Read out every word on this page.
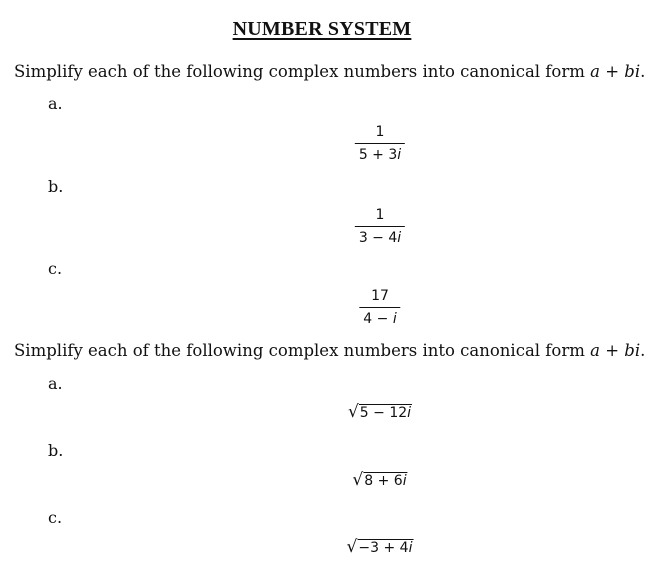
NUMBER SYSTEM
Simplify each of the following complex numbers into canonical form a + bi.
a.
1
5 + 3i
b.
1
3 − 4i
c.
17
4 − i
Simplify each of the following complex numbers into canonical form a + bi.
a.
√ 5 − 12i
b.
√ 8 + 6i
c.
√ −3 + 4i
